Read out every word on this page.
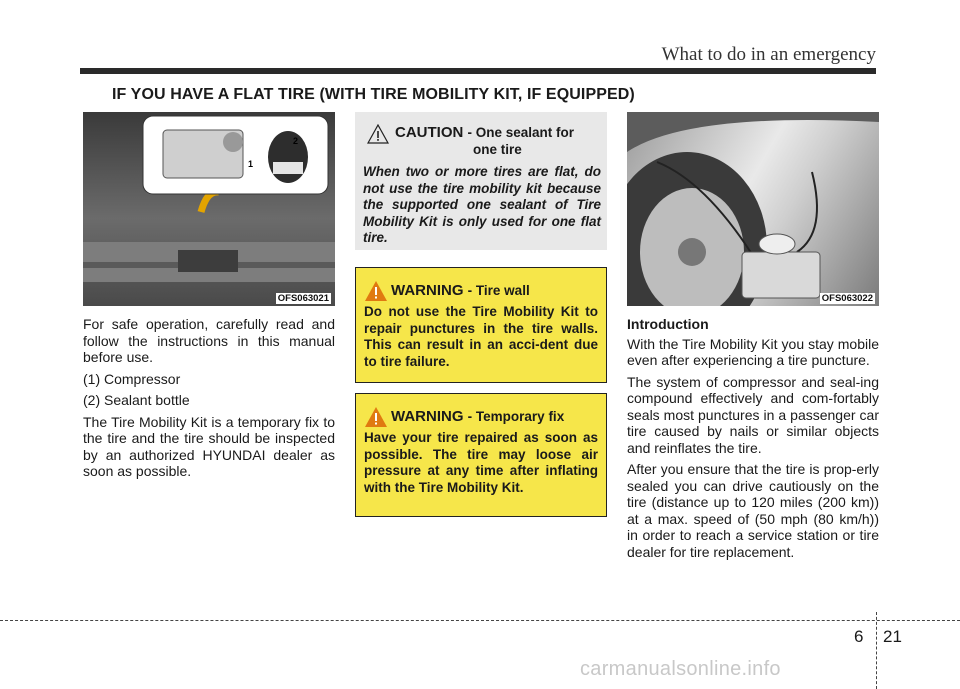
What to do in an emergency
IF YOU HAVE A FLAT TIRE (WITH TIRE MOBILITY KIT, IF EQUIPPED)
1
2
OFS063021	OFS063022

For safe operation, carefully read and follow the instructions in this manual before use.

(1) Compressor

(2) Sealant bottle

The Tire Mobility Kit is a temporary fix to the tire and the tire should be inspected by an authorized HYUNDAI dealer as soon as possible.

CAUTION - One sealant for
one tire
When two or more tires are flat, do not use the tire mobility kit because the supported one sealant of Tire Mobility Kit is only used for one flat tire.
WARNING - Tire wall
Do not use the Tire Mobility Kit to repair punctures in the tire walls. This can result in an acci-dent due to tire failure.
WARNING - Temporary fix
Have your tire repaired as soon as possible. The tire may loose air pressure at any time after inflating with the Tire Mobility Kit.

Introduction

With the Tire Mobility Kit you stay mobile even after experiencing a tire puncture.

The system of compressor and seal-ing compound effectively and com-fortably seals most punctures in a passenger car tire caused by nails or similar objects and reinflates the tire.

After you ensure that the tire is prop-erly sealed you can drive cautiously on the tire (distance up to 120 miles (200 km)) at a max. speed of (50 mph (80 km/h)) in order to reach a service station or tire dealer for tire replacement.

6 21
carmanualsonline.info
